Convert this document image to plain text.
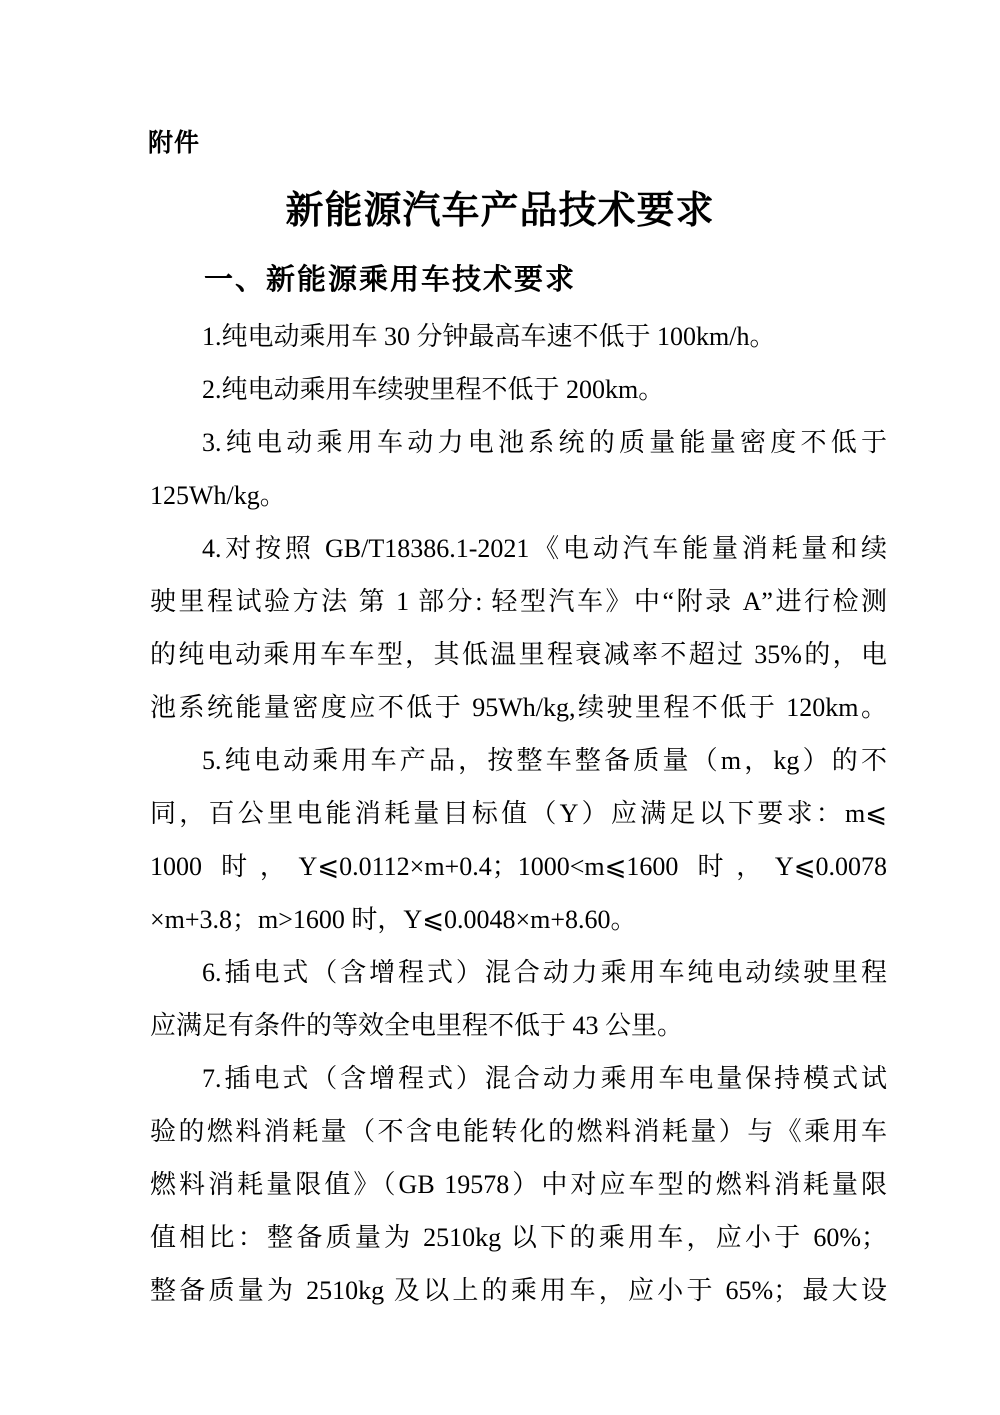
附件
新能源汽车产品技术要求
一、新能源乘用车技术要求
1.纯电动乘用车 30 分钟最高车速不低于 100km/h。
2.纯电动乘用车续驶里程不低于 200km。
3.纯电动乘用车动力电池系统的质量能量密度不低于
125Wh/kg。
4.对按照 GB/T18386.1-2021《电动汽车能量消耗量和续
驶里程试验方法 第 1 部分: 轻型汽车》中“附录 A”进行检测
的纯电动乘用车车型，其低温里程衰减率不超过 35%的，电
池系统能量密度应不低于 95Wh/kg,续驶里程不低于 120km。
5.纯电动乘用车产品，按整车整备质量（m，kg）的不
同，百公里电能消耗量目标值（Y）应满足以下要求：m⩽
1000 时，Y⩽0.0112×m+0.4；1000<m⩽1600 时，Y⩽0.0078
×m+3.8；m>1600 时，Y⩽0.0048×m+8.60。
6.插电式（含增程式）混合动力乘用车纯电动续驶里程
应满足有条件的等效全电里程不低于 43 公里。
7.插电式（含增程式）混合动力乘用车电量保持模式试
验的燃料消耗量（不含电能转化的燃料消耗量）与《乘用车
燃料消耗量限值》（GB 19578）中对应车型的燃料消耗量限
值相比：整备质量为 2510kg 以下的乘用车，应小于 60%；
整备质量为 2510kg 及以上的乘用车，应小于 65%；最大设
